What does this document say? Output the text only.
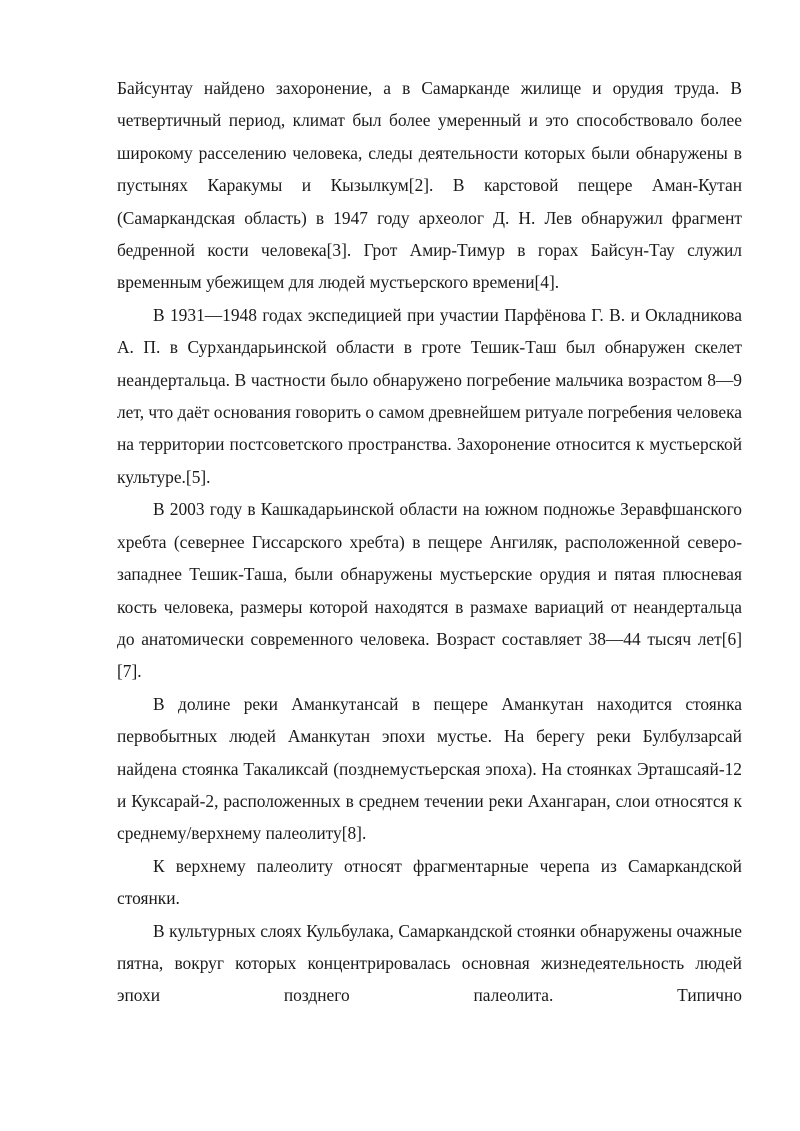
Байсунтау найдено захоронение, а в Самарканде жилище и орудия труда. В четвертичный период, климат был более умеренный и это способствовало более широкому расселению человека, следы деятельности которых были обнаружены в пустынях Каракумы и Кызылкум[2]. В карстовой пещере Аман-Кутан (Самаркандская область) в 1947 году археолог Д. Н. Лев обнаружил фрагмент бедренной кости человека[3]. Грот Амир-Тимур в горах Байсун-Тау служил временным убежищем для людей мустьерского времени[4].

В 1931—1948 годах экспедицией при участии Парфёнова Г. В. и Окладникова А. П. в Сурхандарьинской области в гроте Тешик-Таш был обнаружен скелет неандертальца. В частности было обнаружено погребение мальчика возрастом 8—9 лет, что даёт основания говорить о самом древнейшем ритуале погребения человека на территории постсоветского пространства. Захоронение относится к мустьерской культуре.[5].

В 2003 году в Кашкадарьинской области на южном подножье Зеравфшанского хребта (севернее Гиссарского хребта) в пещере Ангиляк, расположенной северо-западнее Тешик-Таша, были обнаружены мустьерские орудия и пятая плюсневая кость человека, размеры которой находятся в размахе вариаций от неандертальца до анатомически современного человека. Возраст составляет 38—44 тысяч лет[6][7].

В долине реки Аманкутансай в пещере Аманкутан находится стоянка первобытных людей Аманкутан эпохи мустье. На берегу реки Булбулзарсай найдена стоянка Такаликсай (позднемустьерская эпоха). На стоянках Эрташсаяй-12 и Куксарай-2, расположенных в среднем течении реки Ахангаран, слои относятся к среднему/верхнему палеолиту[8].

К верхнему палеолиту относят фрагментарные черепа из Самаркандской стоянки.

В культурных слоях Кульбулака, Самаркандской стоянки обнаружены очажные пятна, вокруг которых концентрировалась основная жизнедеятельность людей эпохи позднего палеолита. Типично
